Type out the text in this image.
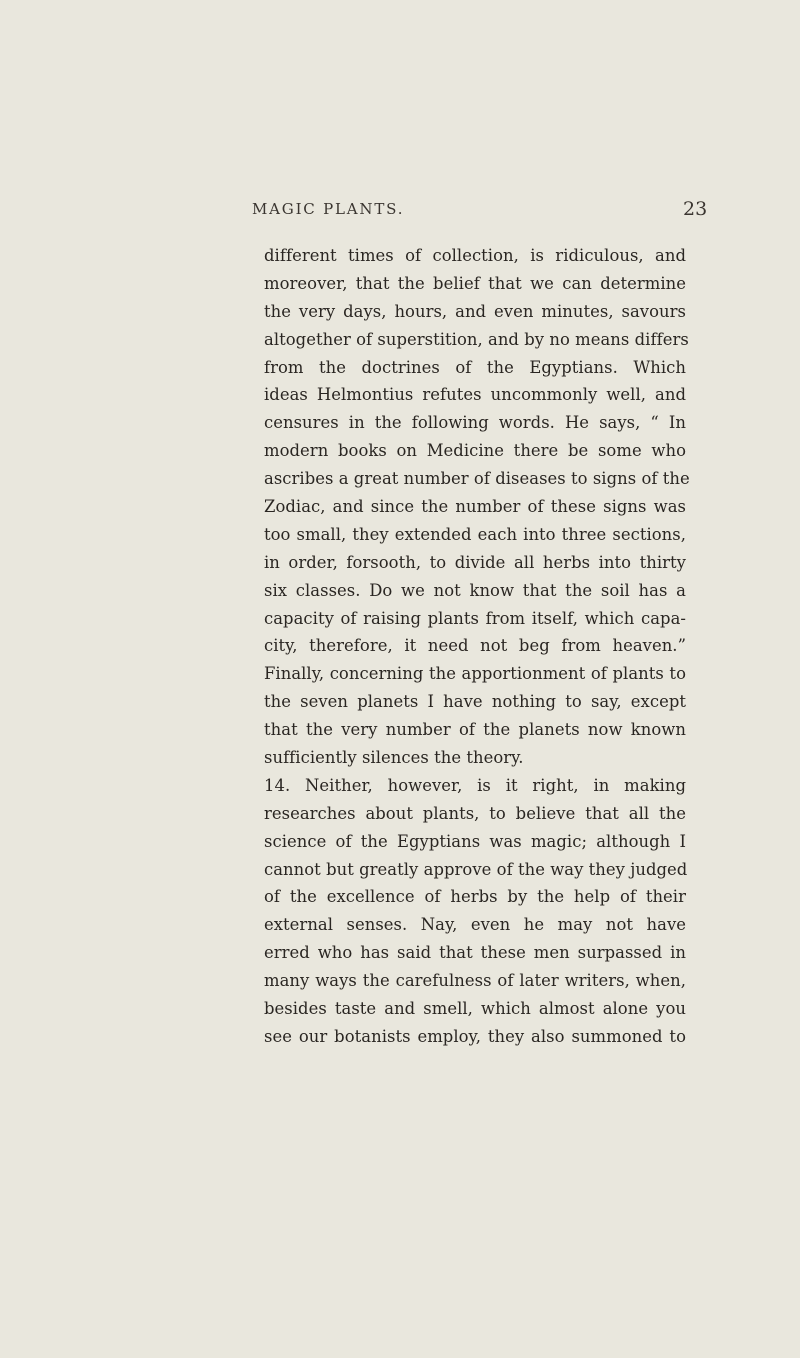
MAGIC PLANTS.	23
different times of collection, is ridiculous, and
moreover, that the belief that we can determine
the very days, hours, and even minutes, savours
altogether of superstition, and by no means differs
from the doctrines of the Egyptians. Which
ideas Helmontius refutes uncommonly well, and
censures in the following words. He says, “ In
modern books on Medicine there be some who
ascribes a great number of diseases to signs of the
Zodiac, and since the number of these signs was
too small, they extended each into three sections,
in order, forsooth, to divide all herbs into thirty
six classes. Do we not know that the soil has a
capacity of raising plants from itself, which capa-
city, therefore, it need not beg from heaven.”
Finally, concerning the apportionment of plants to
the seven planets I have nothing to say, except
that the very number of the planets now known
sufficiently silences the theory.
14. Neither, however, is it right, in making
researches about plants, to believe that all the
science of the Egyptians was magic; although I
cannot but greatly approve of the way they judged
of the excellence of herbs by the help of their
external senses. Nay, even he may not have
erred who has said that these men surpassed in
many ways the carefulness of later writers, when,
besides taste and smell, which almost alone you
see our botanists employ, they also summoned to
